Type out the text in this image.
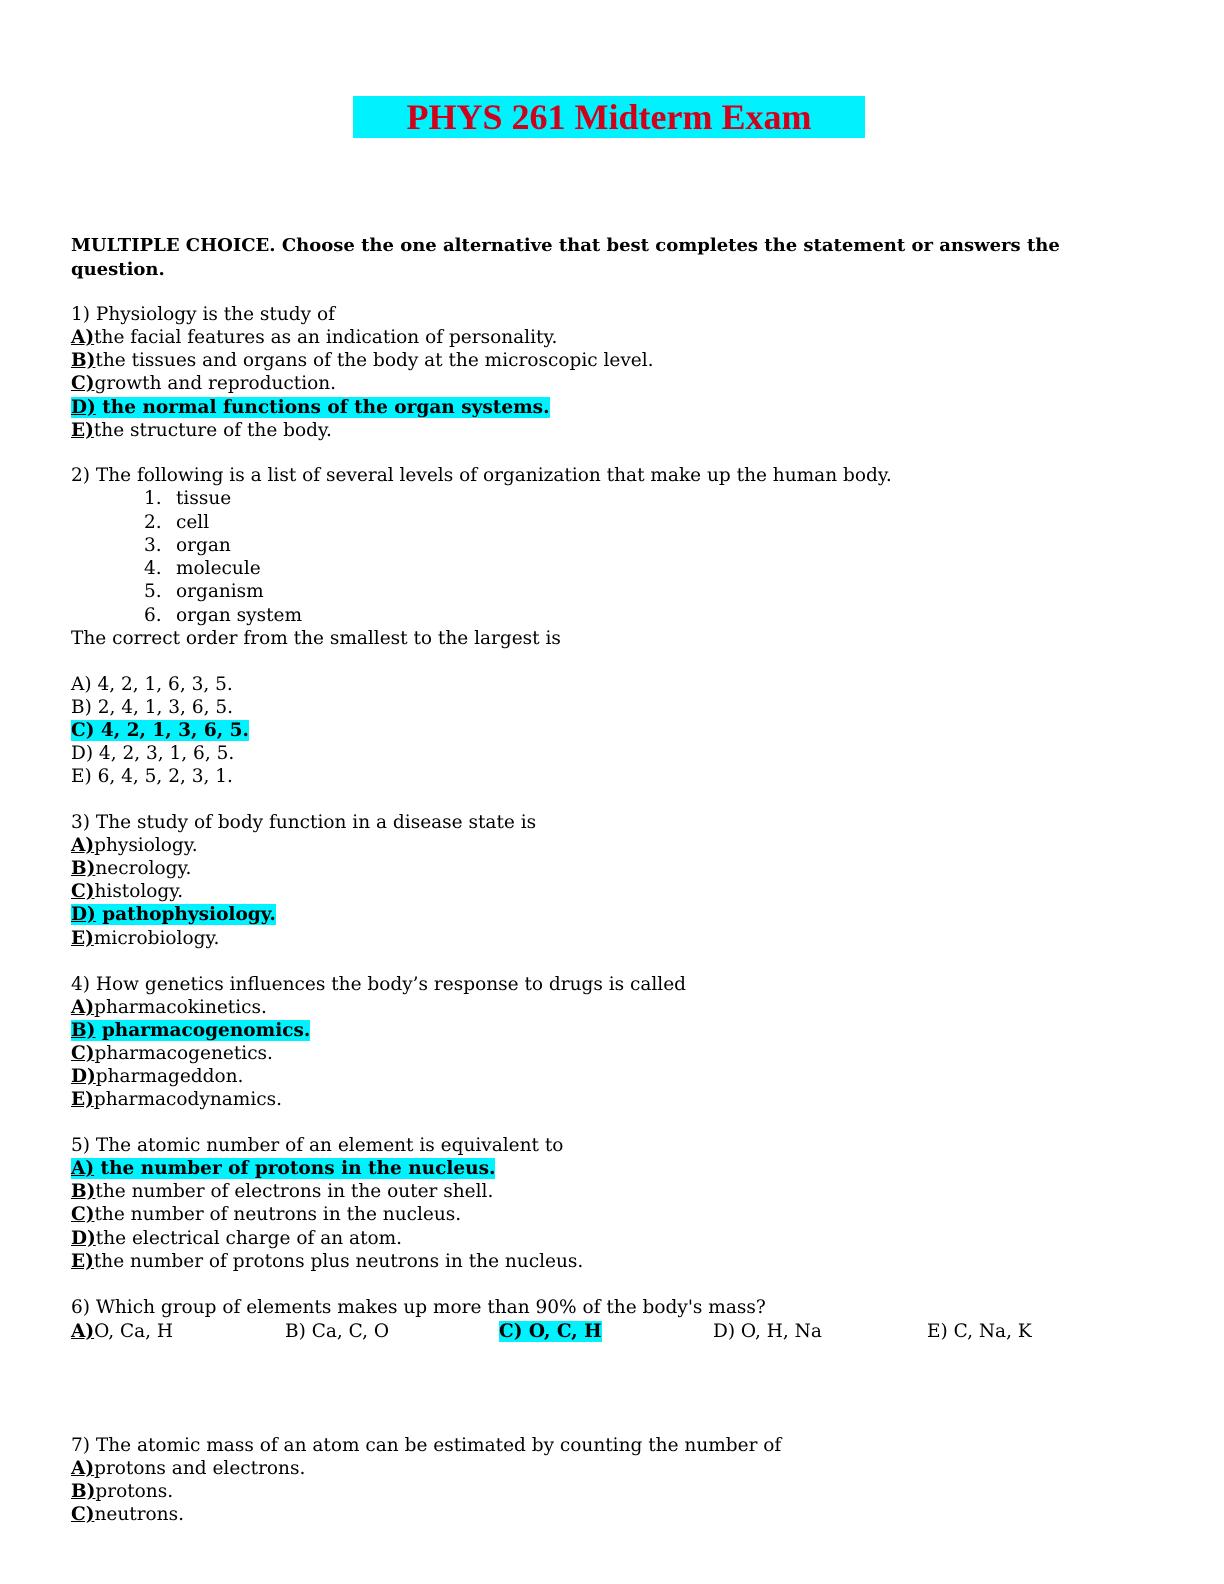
PHYS 261 Midterm Exam
MULTIPLE CHOICE. Choose the one alternative that best completes the statement or answers the question.
1) Physiology is the study of
A)the facial features as an indication of personality.
B)the tissues and organs of the body at the microscopic level.
C)growth and reproduction.
D) the normal functions of the organ systems.
E)the structure of the body.
2) The following is a list of several levels of organization that make up the human body.
1. tissue
2. cell
3. organ
4. molecule
5. organism
6. organ system
The correct order from the smallest to the largest is
A) 4, 2, 1, 6, 3, 5.
B) 2, 4, 1, 3, 6, 5.
C) 4, 2, 1, 3, 6, 5.
D) 4, 2, 3, 1, 6, 5.
E) 6, 4, 5, 2, 3, 1.
3) The study of body function in a disease state is
A)physiology.
B)necrology.
C)histology.
D) pathophysiology.
E)microbiology.
4) How genetics influences the body’s response to drugs is called
A)pharmacokinetics.
B) pharmacogenomics.
C)pharmacogenetics.
D)pharmageddon.
E)pharmacodynamics.
5) The atomic number of an element is equivalent to
A) the number of protons in the nucleus.
B)the number of electrons in the outer shell.
C)the number of neutrons in the nucleus.
D)the electrical charge of an atom.
E)the number of protons plus neutrons in the nucleus.
6) Which group of elements makes up more than 90% of the body's mass?
A)O, Ca, H	B) Ca, C, O	C) O, C, H	D) O, H, Na	E) C, Na, K
7) The atomic mass of an atom can be estimated by counting the number of
A)protons and electrons.
B)protons.
C)neutrons.
